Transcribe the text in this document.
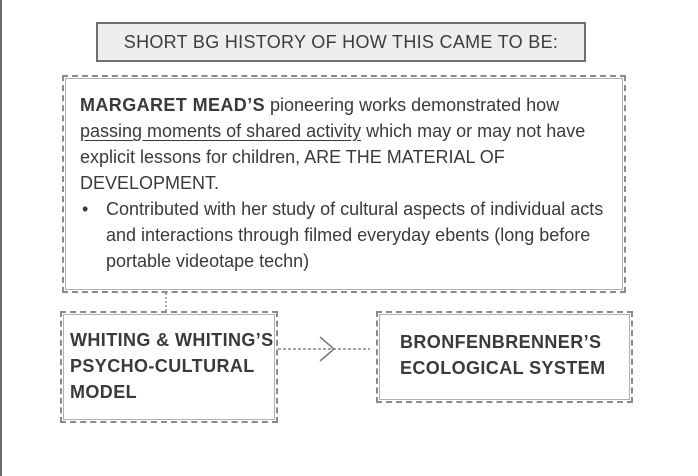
SHORT BG HISTORY OF HOW THIS CAME TO BE:
MARGARET MEAD’S pioneering works demonstrated how passing moments of shared activity which may or may not have explicit lessons for children, ARE THE MATERIAL OF DEVELOPMENT.
• Contributed with her study of cultural aspects of individual acts and interactions through filmed everyday ebents (long before portable videotape techn)
WHITING & WHITING’S PSYCHO-CULTURAL MODEL
BRONFENBRENNER’S ECOLOGICAL SYSTEM
